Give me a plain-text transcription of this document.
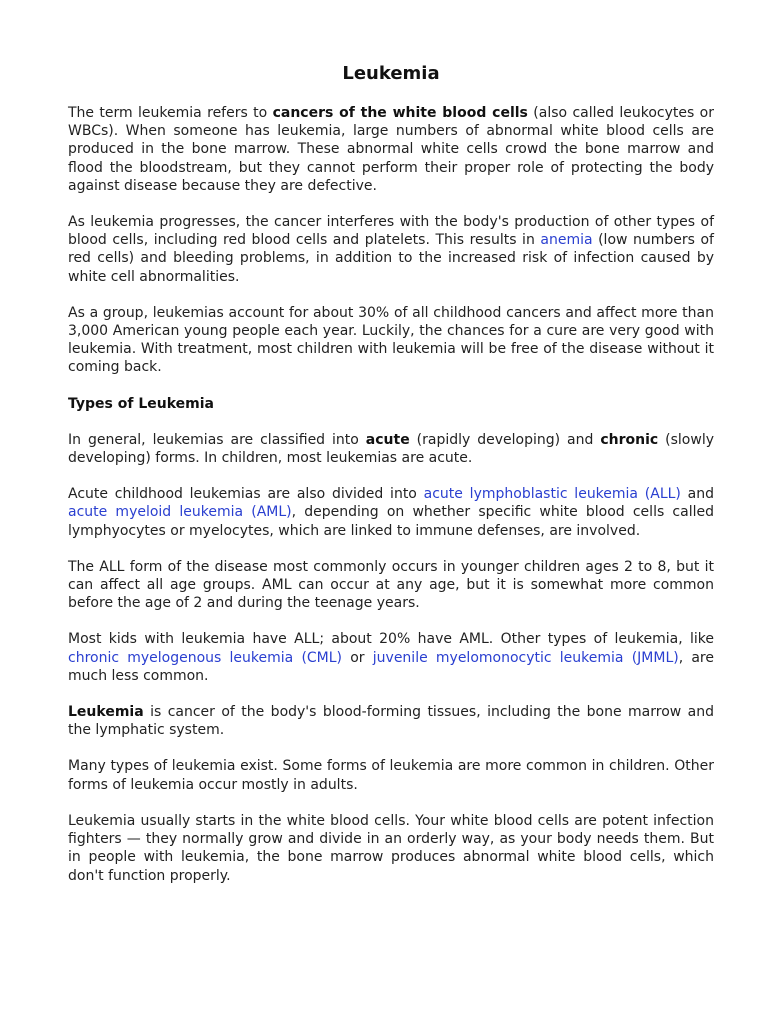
Leukemia

The term leukemia refers to cancers of the white blood cells (also called leukocytes or WBCs). When someone has leukemia, large numbers of abnormal white blood cells are produced in the bone marrow. These abnormal white cells crowd the bone marrow and flood the bloodstream, but they cannot perform their proper role of protecting the body against disease because they are defective.

As leukemia progresses, the cancer interferes with the body's production of other types of blood cells, including red blood cells and platelets. This results in anemia (low numbers of red cells) and bleeding problems, in addition to the increased risk of infection caused by white cell abnormalities.

As a group, leukemias account for about 30% of all childhood cancers and affect more than 3,000 American young people each year. Luckily, the chances for a cure are very good with leukemia. With treatment, most children with leukemia will be free of the disease without it coming back.

Types of Leukemia

In general, leukemias are classified into acute (rapidly developing) and chronic (slowly developing) forms. In children, most leukemias are acute.

Acute childhood leukemias are also divided into acute lymphoblastic leukemia (ALL) and acute myeloid leukemia (AML), depending on whether specific white blood cells called lymphyocytes or myelocytes, which are linked to immune defenses, are involved.

The ALL form of the disease most commonly occurs in younger children ages 2 to 8, but it can affect all age groups. AML can occur at any age, but it is somewhat more common before the age of 2 and during the teenage years.

Most kids with leukemia have ALL; about 20% have AML. Other types of leukemia, like chronic myelogenous leukemia (CML) or juvenile myelomonocytic leukemia (JMML), are much less common.

Leukemia is cancer of the body's blood-forming tissues, including the bone marrow and the lymphatic system.

Many types of leukemia exist. Some forms of leukemia are more common in children. Other forms of leukemia occur mostly in adults.

Leukemia usually starts in the white blood cells. Your white blood cells are potent infection fighters — they normally grow and divide in an orderly way, as your body needs them. But in people with leukemia, the bone marrow produces abnormal white blood cells, which don't function properly.
